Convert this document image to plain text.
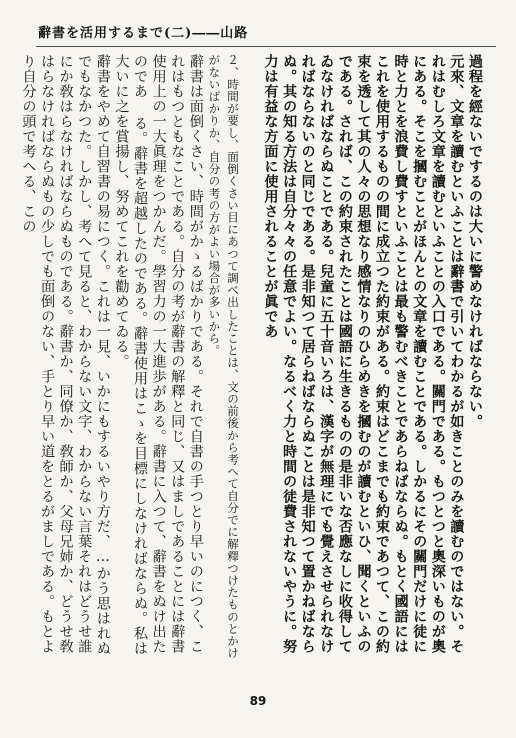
辭書を活用するまで(二)――山路

過程を經ないでするのは大いに警めなければならない。

元來、文章を讀むといふことは辭書で引いてわかるが如きことのみを讀むのではない。それはむしろ文章を讀むといふことの入口である。關門である。もつとつと奧深いものが奧にある。そこを摑むことがほんとの文章を讀むことである。しかるにその關門だけに徒に時と力とを浪費し費すといふことは最も警むべきことであらねばならぬ。もとく國語にはこれを使用するものの間に成立つた約束がある。約束はどこまでも約束であつて、この約束を透して其の人々の思想なり感情なりのひらめきを摑むのが讀むといひ、聞くといふのである。されば、この約束されたことは國語に生きるものの是非いな否應なしに收得してゐなければならぬことである。兒童に五十音いろは、漢字が無理にでも覺えさせられなければならないのと同じである。是非知つて居らねばならぬことは是非知つて置かねばならぬ。其の知る方法は自分々々の任意でよい。なるべく力と時間の徒費されないやうに。努力は有益な方面に使用されることが眞であ

２、時間が要し、面倒くさい目にあつて調べ出したことは、文の前後から考へて自分でに解釋つけたものとかけがないばかりか、自分の考の方がよい場合が多いから。

辭書は面倒くさい、時間がかゝるばかりである。それで自書の手つとり早いのにつく、これはもつともなことである。自分の考が辭書の解釋と同じ、又はましであることには辭書使用上の一大眞理をつかんだ。學習力の一大進歩がある。辭書に入つて、辭書をぬけ出たのであ る。辭書を超越したのである。辭書使用はこゝを目標にしなければならぬ。私は大いに之を賞揚し、努めてこれを勸めてゐる。

辭書をやめて自習書の易につく。これは一見、いかにもするいやり方だ、…かう思はれぬでもなかつた。しかし、考へて見ると、わからない文字、わからない言葉それはどうせ誰にか敎はらなければならぬものである。辭書か、同僚か、敎師か、父母兄姉か、どうせ敎はらなければならぬもの少しでも面倒のない、手とり早い道をとるがましである。もとより自分の頭で考へる、この

89
